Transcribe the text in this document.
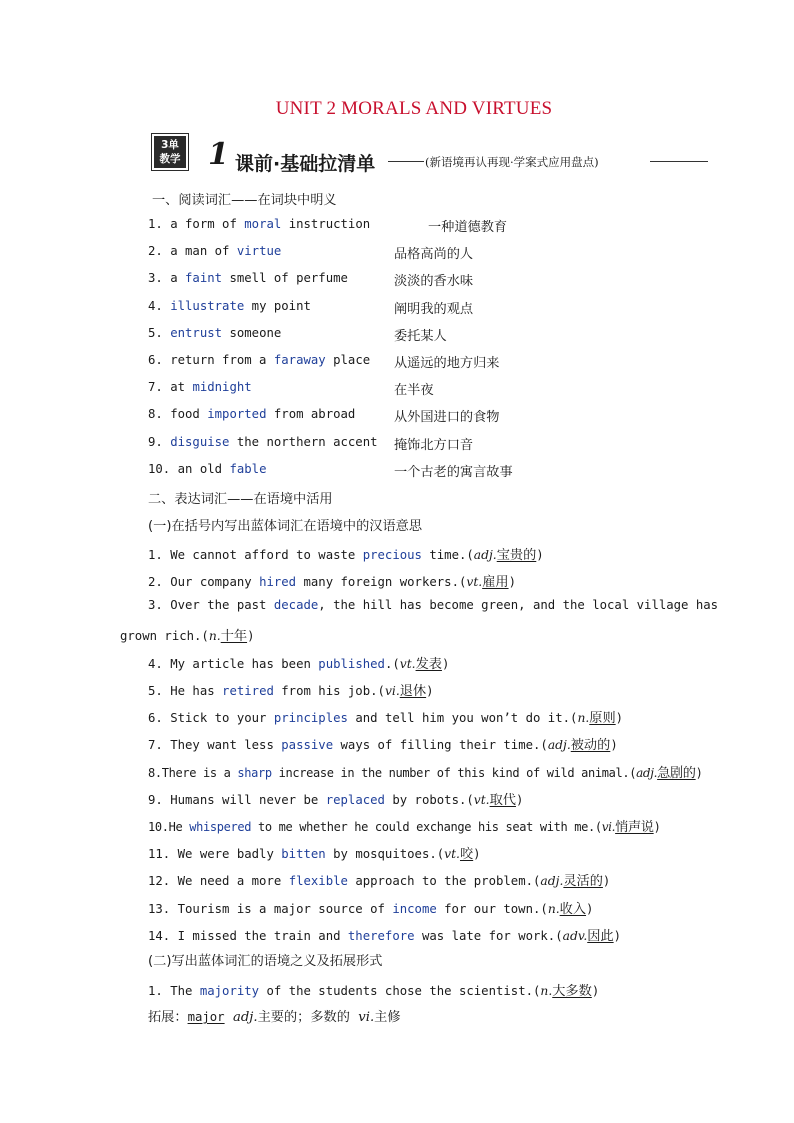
UNIT 2 MORALS AND VIRTUES
3单
教学 1 课前·基础拉清单	(新语境再认再现·学案式应用盘点)
一、阅读词汇——在词块中明义
1. a form of moral instruction	一种道德教育
2. a man of virtue	品格高尚的人
3. a faint smell of perfume	淡淡的香水味
4. illustrate my point	阐明我的观点
5. entrust someone	委托某人
6. return from a faraway place 从遥远的地方归来
7. at midnight	在半夜
8. food imported from abroad	从外国进口的食物
9. disguise the northern accent 掩饰北方口音
10. an old fable	一个古老的寓言故事
二、表达词汇——在语境中活用
(一)在括号内写出蓝体词汇在语境中的汉语意思
1. We cannot afford to waste precious time.(adj.宝贵的)
2. Our company hired many foreign workers.(vt.雇用)
3. Over the past decade, the hill has become green, and the local village has
grown rich.(n.十年)
4. My article has been published.(vt.发表)
5. He has retired from his job.(vi.退休)
6. Stick to your principles and tell him you won’t do it.(n.原则)
7. They want less passive ways of filling their time.(adj.被动的)
8.There is a sharp increase in the number of this kind of wild animal.(adj.急剧的)
9. Humans will never be replaced by robots.(vt.取代)
10.He whispered to me whether he could exchange his seat with me.(vi.悄声说)
11. We were badly bitten by mosquitoes.(vt.咬)
12. We need a more flexible approach to the problem.(adj.灵活的)
13. Tourism is a major source of income for our town.(n.收入)
14. I missed the train and therefore was late for work.(adv.因此)
(二)写出蓝体词汇的语境之义及拓展形式
1. The majority of the students chose the scientist.(n.大多数)
拓展：major adj.主要的；多数的 vi.主修
